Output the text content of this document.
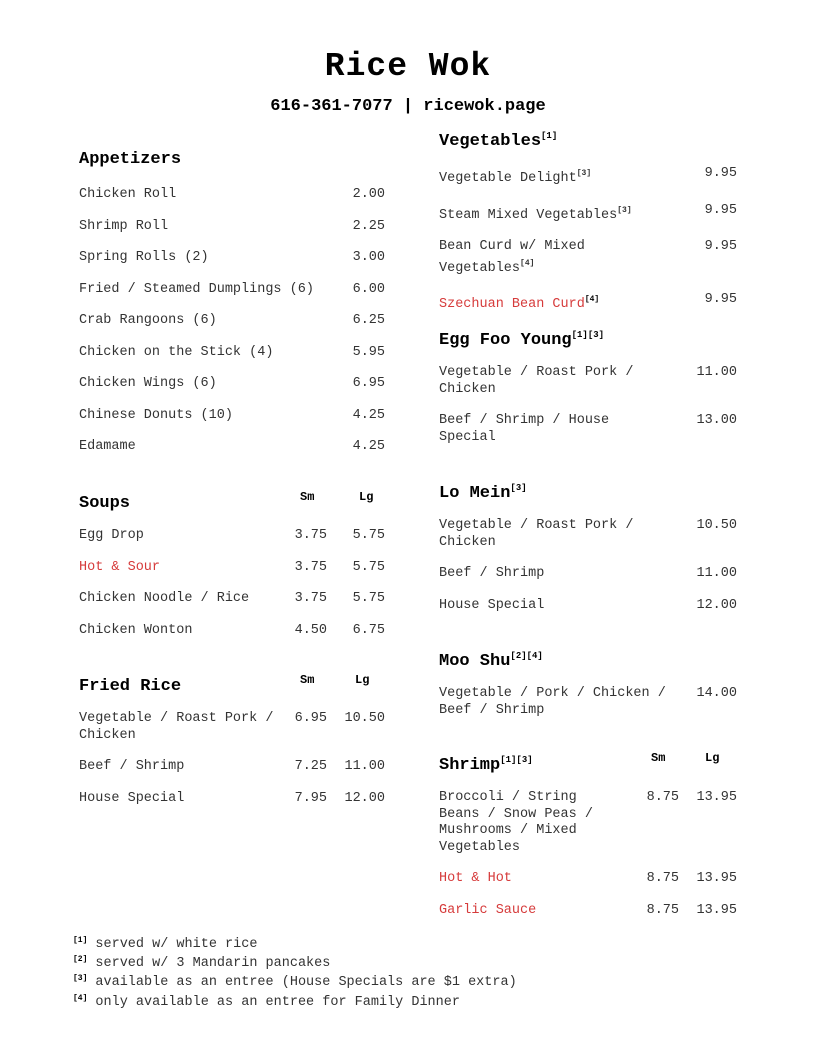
Rice Wok
616-361-7077 | ricewok.page
Appetizers
Chicken Roll	2.00
Shrimp Roll	2.25
Spring Rolls (2)	3.00
Fried / Steamed Dumplings (6)	6.00
Crab Rangoons (6)	6.25
Chicken on the Stick (4)	5.95
Chicken Wings (6)	6.95
Chinese Donuts (10)	4.25
Edamame	4.25
Soups	Sm	Lg
Egg Drop	3.75 5.75
Hot & Sour	3.75 5.75
Chicken Noodle / Rice	3.75 5.75
Chicken Wonton	4.50 6.75
Fried Rice	Sm	Lg
Vegetable / Roast Pork / Chicken
6.95 10.50
Beef / Shrimp	7.25 11.00
House Special	7.95 12.00
Vegetables[1]
Vegetable Delight[3]	9.95
Steam Mixed Vegetables[3]	9.95
Bean Curd w/ Mixed Vegetables[4]
9.95
Szechuan Bean Curd[4]	9.95
Egg Foo Young[1][3]
Vegetable / Roast Pork / Chicken
11.00
Beef / Shrimp / House Special
13.00
Lo Mein[3]
Vegetable / Roast Pork / Chicken
10.50
Beef / Shrimp	11.00
House Special	12.00
Moo Shu[2][4]
Vegetable / Pork / Chicken / Beef / Shrimp
14.00
Shrimp[1][3]	Sm	Lg
Broccoli / String Beans / Snow Peas / Mushrooms / Mixed Vegetables
8.75 13.95
Hot & Hot	8.75 13.95
Garlic Sauce	8.75 13.95
[1] served w/ white rice
[2] served w/ 3 Mandarin pancakes
[3] available as an entree (House Specials are $1 extra)
[4] only available as an entree for Family Dinner
